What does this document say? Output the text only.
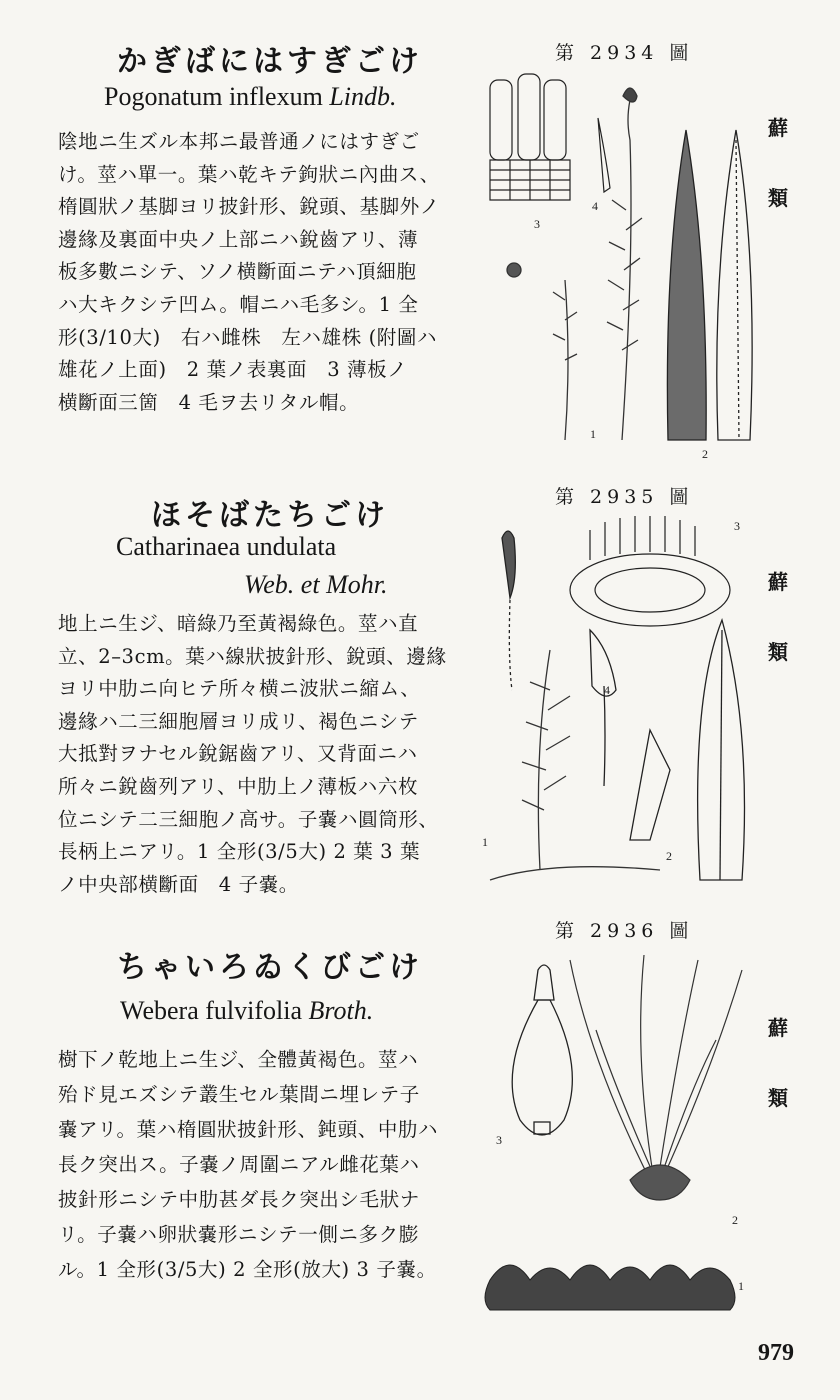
かぎばにはすぎごけ
Pogonatum inflexum Lindb.
陰地ニ生ズル本邦ニ最普通ノにはすぎご
け。莖ハ單一。葉ハ乾キテ鉤狀ニ內曲ス、
楕圓狀ノ基脚ヨリ披針形、銳頭、基脚外ノ
邊緣及裏面中央ノ上部ニハ銳齒アリ、薄
板多數ニシテ、ソノ横斷面ニテハ頂細胞
ハ大キクシテ凹ム。帽ニハ毛多シ。1 全
形(3/10大)　右ハ雌株　左ハ雄株 (附圖ハ
雄花ノ上面)　2 葉ノ表裏面　3 薄板ノ
横斷面三箇　4 毛ヲ去リタル帽。
第 2934 圖
蘚
類
1
2
3
4
ほそばたちごけ
Catharinaea undulata
Web. et Mohr.
地上ニ生ジ、暗綠乃至黃褐綠色。莖ハ直
立、2–3cm。葉ハ線狀披針形、銳頭、邊緣
ヨリ中肋ニ向ヒテ所々横ニ波狀ニ縮ム、
邊緣ハ二三細胞層ヨリ成リ、褐色ニシテ
大抵對ヲナセル銳鋸齒アリ、又背面ニハ
所々ニ銳齒列アリ、中肋上ノ薄板ハ六枚
位ニシテ二三細胞ノ高サ。子嚢ハ圓筒形、
長柄上ニアリ。1 全形(3/5大) 2 葉 3 葉
ノ中央部横斷面　4 子嚢。
第 2935 圖
蘚
類
1
2
3
4
ちゃいろゐくびごけ
Webera fulvifolia Broth.
樹下ノ乾地上ニ生ジ、全體黃褐色。莖ハ
殆ド見エズシテ叢生セル葉間ニ埋レテ子
嚢アリ。葉ハ楕圓狀披針形、鈍頭、中肋ハ
長ク突出ス。子嚢ノ周圍ニアル雌花葉ハ
披針形ニシテ中肋甚ダ長ク突出シ毛狀ナ
リ。子嚢ハ卵狀嚢形ニシテ一側ニ多ク膨
ル。1 全形(3/5大) 2 全形(放大) 3 子嚢。
第 2936 圖
蘚
類
1
2
3
979
